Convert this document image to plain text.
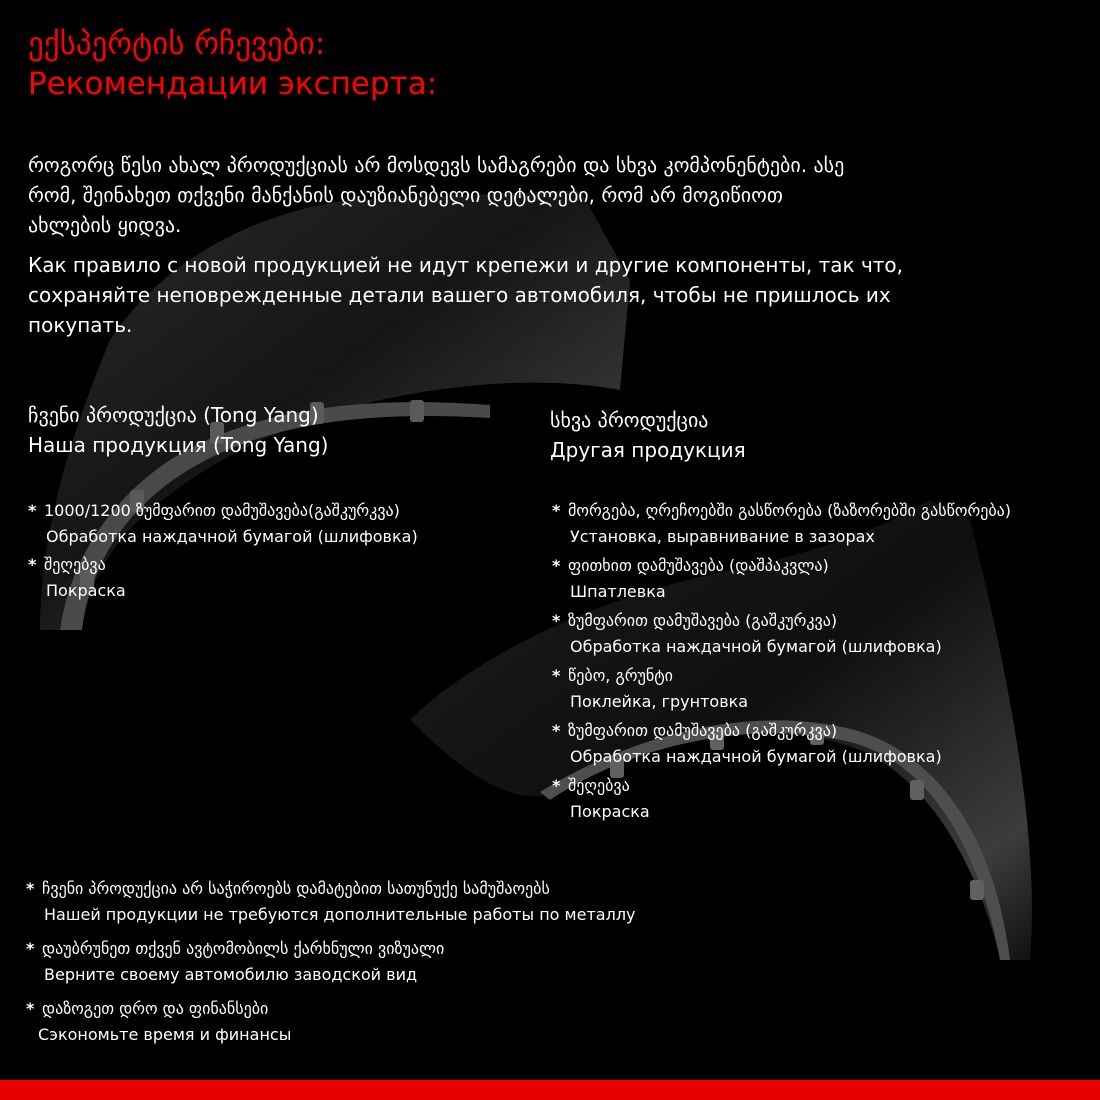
ექსპერტის რჩევები:
Рекомендации эксперта:
როგორც წესი ახალ პროდუქციას არ მოსდევს სამაგრები და სხვა კომპონენტები. ასე
რომ, შეინახეთ თქვენი მანქანის დაუზიანებელი დეტალები, რომ არ მოგიწიოთ
ახლების ყიდვა.
Как правило с новой продукцией не идут крепежи и другие компоненты, так что,
сохраняйте неповрежденные детали вашего автомобиля, чтобы не пришлось их
покупать.
ჩვენი პროდუქცია (Tong Yang)
Наша продукция (Tong Yang)
* 1000/1200 ზუმფარით დამუშავება(გაშკურკვა)
Обработка наждачной бумагой (шлифовка)
* შეღებვა
Покраска
სხვა პროდუქცია
Другая продукция
* მორგება, ღრეჩოებში გასწორება (ზაზორებში გასწორება)
Установка, выравнивание в зазорах
* ფითხით დამუშავება (დაშპაკვლა)
Шпатлевка
* ზუმფარით დამუშავება (გაშკურკვა)
Обработка наждачной бумагой (шлифовка)
* წებო, გრუნტი
Поклейка, грунтовка
* ზუმფარით დამუშავება (გაშკურკვა)
Обработка наждачной бумагой (шлифовка)
* შეღებვა
Покраска
* ჩვენი პროდუქცია არ საჭიროებს დამატებით სათუნუქე სამუშაოებს
Нашей продукции не требуются дополнительные работы по металлу
* დაუბრუნეთ თქვენ ავტომობილს ქარხნული ვიზუალი
Верните своему автомобилю заводской вид
* დაზოგეთ დრო და ფინანსები
Сэкономьте время и финансы
